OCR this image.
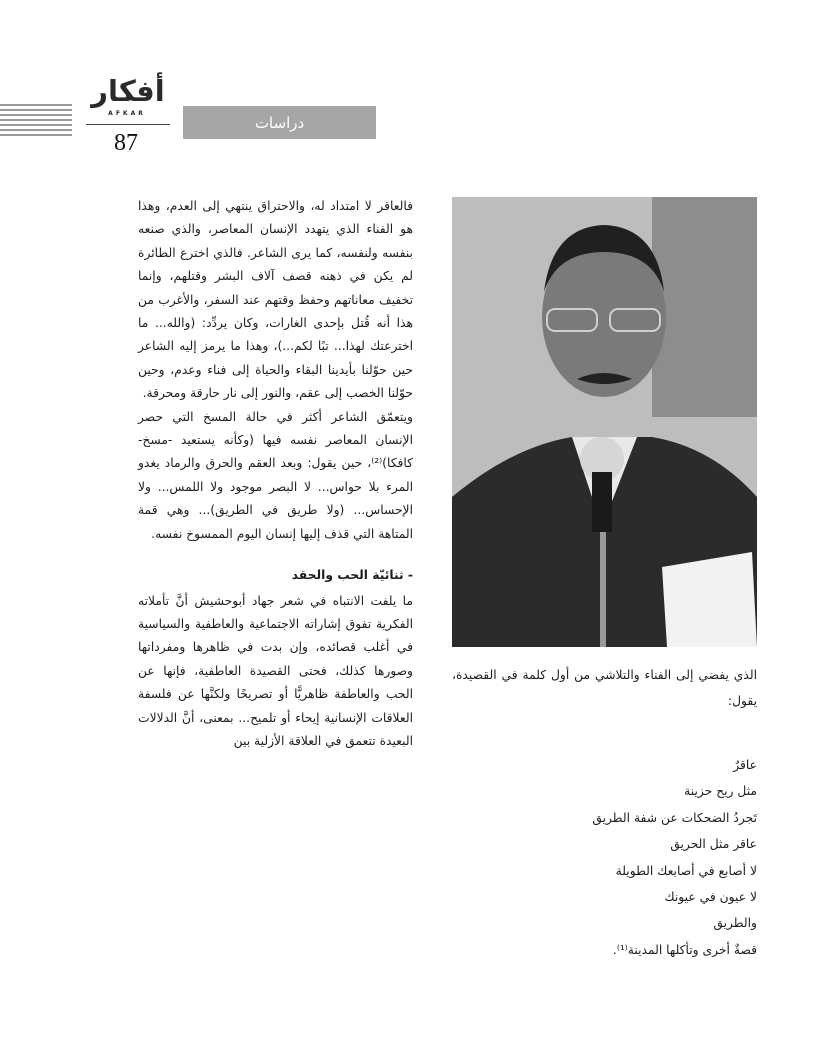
أفكار
AFKAR
87
دراسات

فالعاقر لا امتداد له، والاحتراق ينتهي إلى العدم، وهذا هو الفناء الذي يتهدد الإنسان المعاصر، والذي صنعه بنفسه ولنفسه، كما يرى الشاعر. فالذي اخترع الطائرة لم يكن في ذهنه قصف آلاف البشر وقتلهم، وإنما تخفيف معاناتهم وحفظ وقتهم عند السفر، والأغرب من هذا أنه قُتل بإحدى الغارات، وكان يردِّد: (والله... ما اخترعتك لهذا... تبًا لكم...)، وهذا ما يرمز إليه الشاعر حين حوّلنا بأيدينا البقاء والحياة إلى فناء وعدم، وحين حوّلنا الخصب إلى عقم، والنور إلى نار حارقة ومحرقة.

ويتعمّق الشاعر أكثر في حالة المسخ التي حصر الإنسان المعاصر نفسه فيها (وكأنه يستعيد -مسخ- كافكا)⁽²⁾، حين يقول: وبعد العقم والحرق والرماد يغدو المرء بلا حواس... لا البصر موجود ولا اللمس... ولا الإحساس... (ولا طريق في الطريق)... وهي قمة المتاهة التي قذف إليها إنسان اليوم الممسوخ نفسه.

- ثنائيّة الحب والحقد

ما يلفت الانتباه في شعر جهاد أبوحشيش أنَّ تأملاته الفكرية تفوق إشاراته الاجتماعية والعاطفية والسياسية في أغلب قصائده، وإن بدت في ظاهرها ومفرداتها وصورها كذلك، فحتى القصيدة العاطفية، فإنها عن الحب والعاطفة ظاهريًّا أو تصريحًا ولكنَّها عن فلسفة العلاقات الإنسانية إيحاء أو تلميح... بمعنى، أنَّ الدلالات البعيدة تتعمق في العلاقة الأزلية بين

الذي يفضي إلى الفناء والتلاشي من أول كلمة في القصيدة، يقول:

عاقرٌ
مثل ريح حزينة
تَجردُ الضحكات عن شفة الطريق
عاقر مثل الحريق
لا أصابع في أصابعك الطويلة
لا عيون في عيونك
والطريق
قصةٌ أخرى وتأكلها المدينة⁽¹⁾.
